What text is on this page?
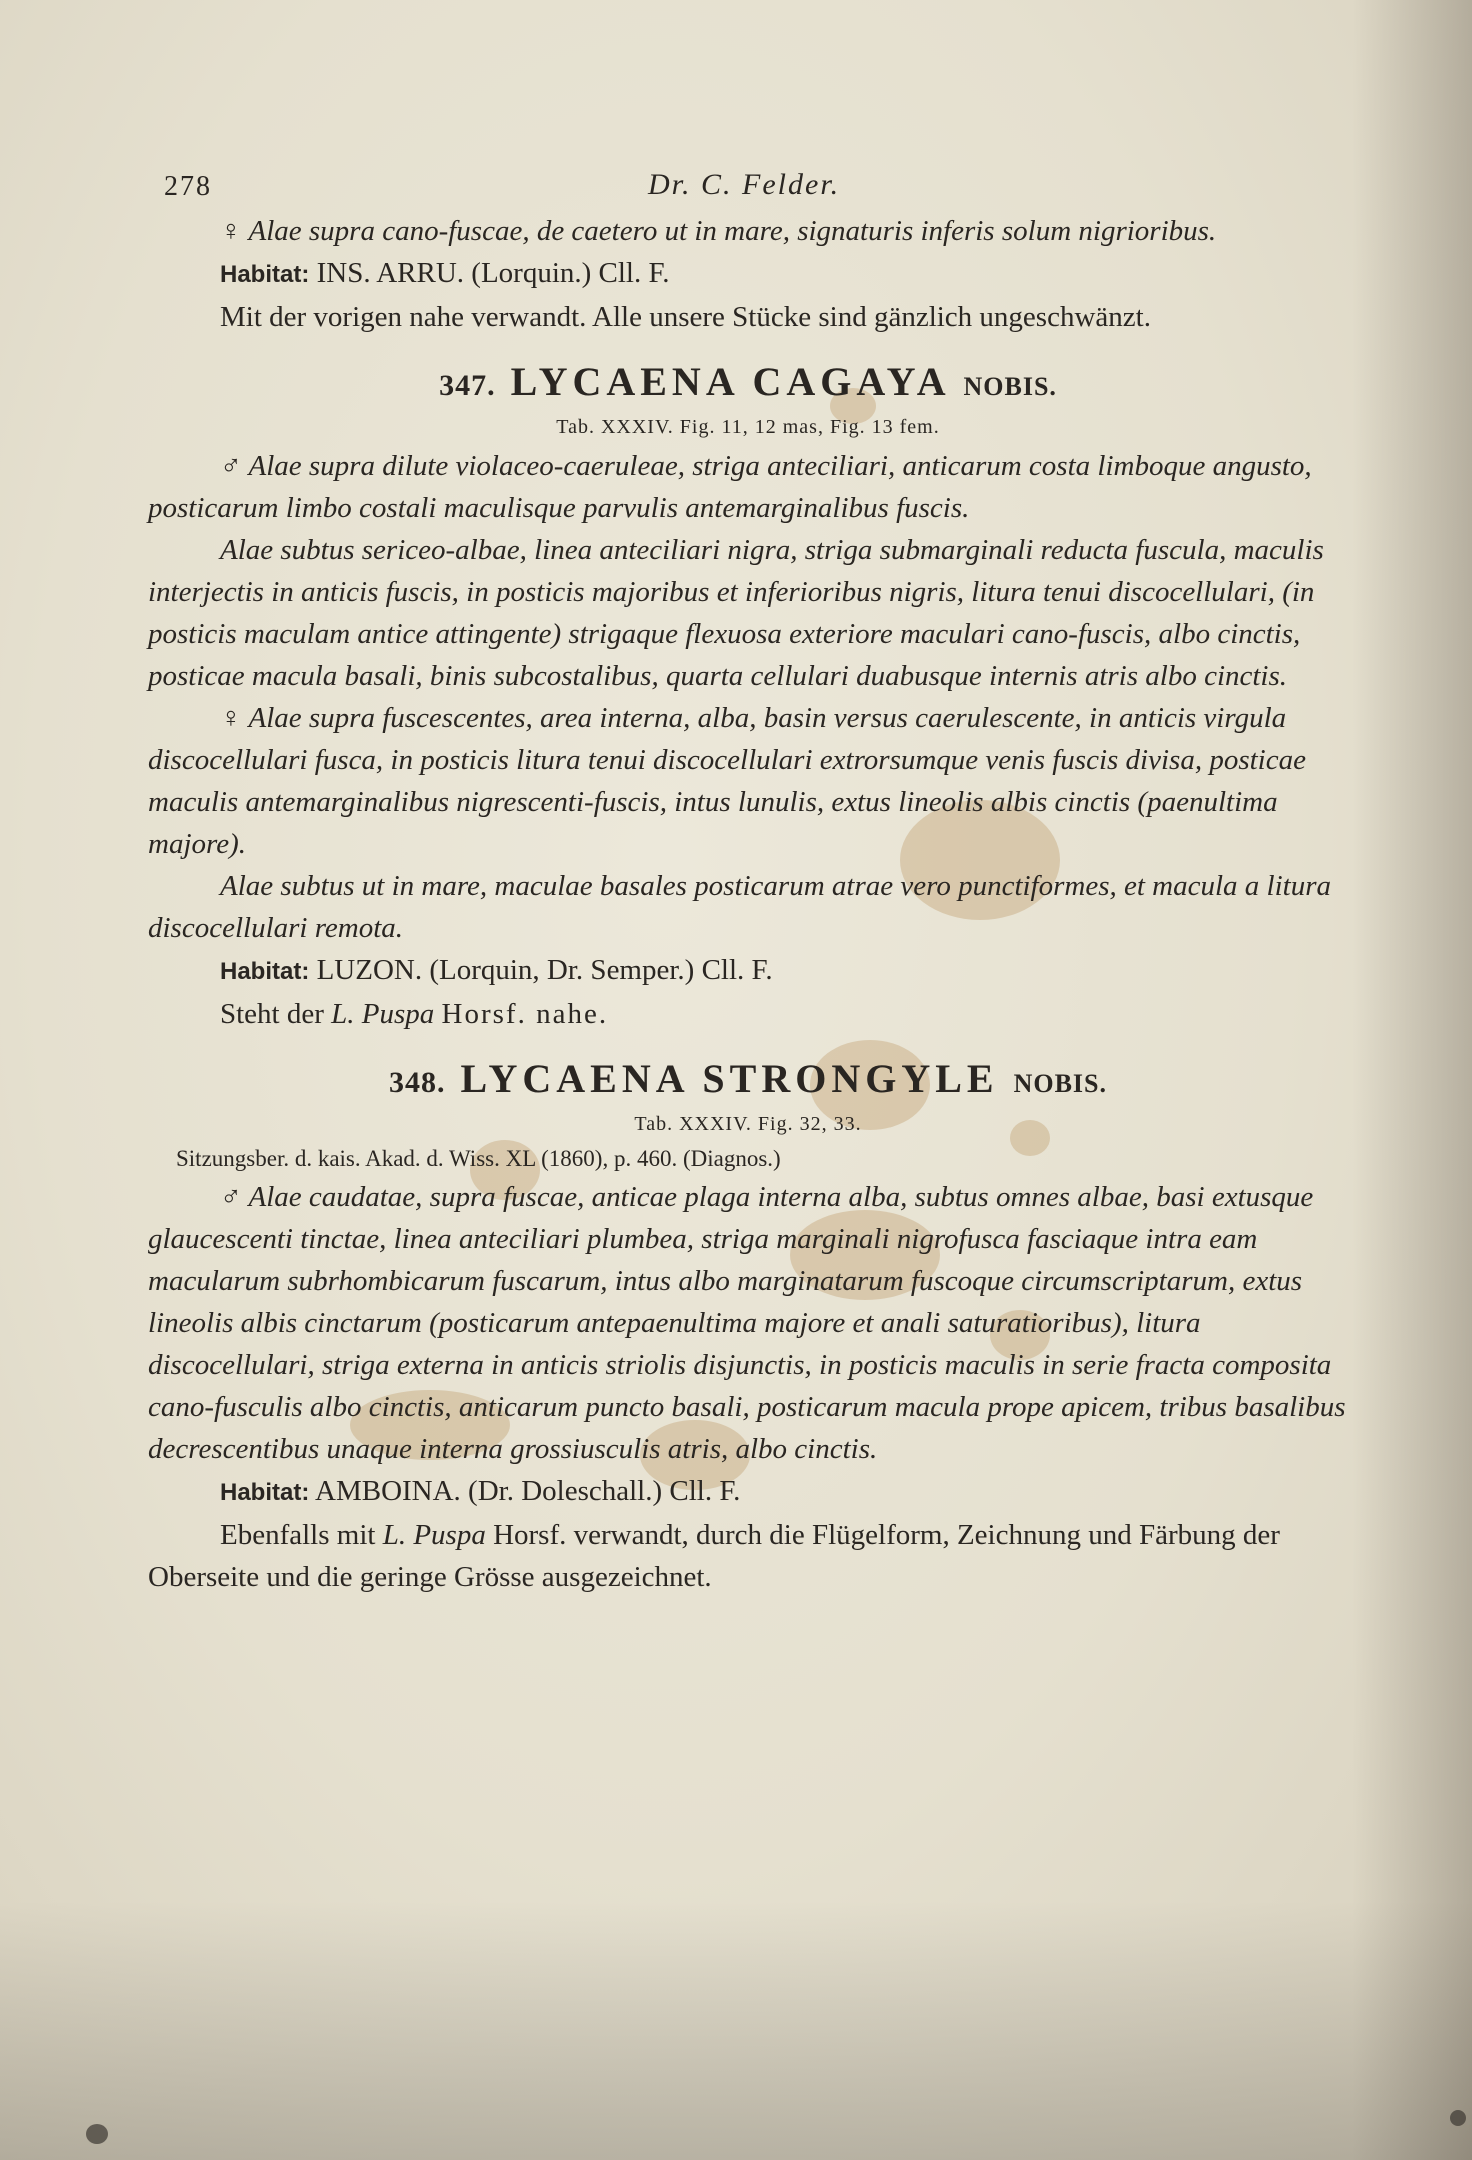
278	Dr. C. Felder.

♀ Alae supra cano-fuscae, de caetero ut in mare, signaturis inferis solum nigrioribus.

Habitat: INS. ARRU. (Lorquin.) Cll. F.

Mit der vorigen nahe verwandt. Alle unsere Stücke sind gänzlich ungeschwänzt.

347. LYCAENA CAGAYA NOBIS.
Tab. XXXIV. Fig. 11, 12 mas, Fig. 13 fem.

♂ Alae supra dilute violaceo-caeruleae, striga anteciliari, anticarum costa limboque angusto, posticarum limbo costali maculisque parvulis antemarginalibus fuscis.

Alae subtus sericeo-albae, linea anteciliari nigra, striga submarginali reducta fuscula, maculis interjectis in anticis fuscis, in posticis majoribus et inferioribus nigris, litura tenui discocellulari, (in posticis maculam antice attingente) strigaque flexuosa exteriore maculari cano-fuscis, albo cinctis, posticae macula basali, binis subcostalibus, quarta cellulari duabusque internis atris albo cinctis.

♀ Alae supra fuscescentes, area interna, alba, basin versus caerulescente, in anticis virgula discocellulari fusca, in posticis litura tenui discocellulari extrorsumque venis fuscis divisa, posticae maculis antemarginalibus nigrescenti-fuscis, intus lunulis, extus lineolis albis cinctis (paenultima majore).

Alae subtus ut in mare, maculae basales posticarum atrae vero punctiformes, et macula a litura discocellulari remota.

Habitat: LUZON. (Lorquin, Dr. Semper.) Cll. F.

Steht der L. Puspa Horsf. nahe.

348. LYCAENA STRONGYLE NOBIS.
Tab. XXXIV. Fig. 32, 33.
Sitzungsber. d. kais. Akad. d. Wiss. XL (1860), p. 460. (Diagnos.)

♂ Alae caudatae, supra fuscae, anticae plaga interna alba, subtus omnes albae, basi extusque glaucescenti tinctae, linea anteciliari plumbea, striga marginali nigrofusca fasciaque intra eam macularum subrhombicarum fuscarum, intus albo marginatarum fuscoque circumscriptarum, extus lineolis albis cinctarum (posticarum antepaenultima majore et anali saturatioribus), litura discocellulari, striga externa in anticis striolis disjunctis, in posticis maculis in serie fracta composita cano-fusculis albo cinctis, anticarum puncto basali, posticarum macula prope apicem, tribus basalibus decrescentibus unaque interna grossiusculis atris, albo cinctis.

Habitat: AMBOINA. (Dr. Doleschall.) Cll. F.

Ebenfalls mit L. Puspa Horsf. verwandt, durch die Flügelform, Zeichnung und Färbung der Oberseite und die geringe Grösse ausgezeichnet.
